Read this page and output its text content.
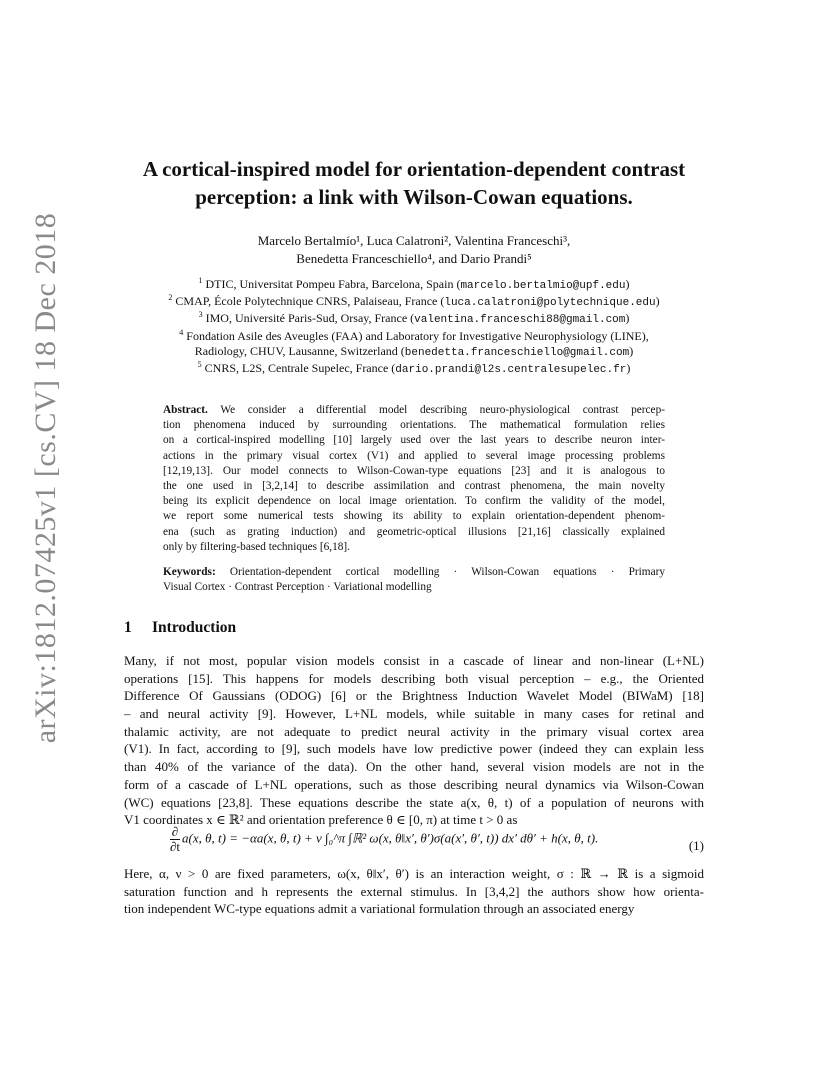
arXiv:1812.07425v1 [cs.CV] 18 Dec 2018
A cortical-inspired model for orientation-dependent contrast
perception: a link with Wilson-Cowan equations.
Marcelo Bertalmío¹, Luca Calatroni², Valentina Franceschi³,
Benedetta Franceschiello⁴, and Dario Prandi⁵
$^1$ DTIC, Universitat Pompeu Fabra, Barcelona, Spain (marcelo.bertalmio@upf.edu)
$^2$ CMAP, École Polytechnique CNRS, Palaiseau, France (luca.calatroni@polytechnique.edu)
$^3$ IMO, Université Paris-Sud, Orsay, France (valentina.franceschi88@gmail.com)
$^4$ Fondation Asile des Aveugles (FAA) and Laboratory for Investigative Neurophysiology (LINE),
Radiology, CHUV, Lausanne, Switzerland (benedetta.franceschiello@gmail.com)
$^5$ CNRS, L2S, Centrale Supelec, France (dario.prandi@l2s.centralesupelec.fr)
Abstract. We consider a differential model describing neuro-physiological contrast percep-
tion phenomena induced by surrounding orientations. The mathematical formulation relies
on a cortical-inspired modelling [10] largely used over the last years to describe neuron inter-
actions in the primary visual cortex (V1) and applied to several image processing problems
[12,19,13]. Our model connects to Wilson-Cowan-type equations [23] and it is analogous to
the one used in [3,2,14] to describe assimilation and contrast phenomena, the main novelty
being its explicit dependence on local image orientation. To confirm the validity of the model,
we report some numerical tests showing its ability to explain orientation-dependent phenom-
ena (such as grating induction) and geometric-optical illusions [21,16] classically explained
only by filtering-based techniques [6,18].
Keywords: Orientation-dependent cortical modelling · Wilson-Cowan equations · Primary
Visual Cortex · Contrast Perception · Variational modelling
1 Introduction
Many, if not most, popular vision models consist in a cascade of linear and non-linear (L+NL)
operations [15]. This happens for models describing both visual perception – e.g., the Oriented
Difference Of Gaussians (ODOG) [6] or the Brightness Induction Wavelet Model (BIWaM) [18]
– and neural activity [9]. However, L+NL models, while suitable in many cases for retinal and
thalamic activity, are not adequate to predict neural activity in the primary visual cortex area
(V1). In fact, according to [9], such models have low predictive power (indeed they can explain less
than 40% of the variance of the data). On the other hand, several vision models are not in the
form of a cascade of L+NL operations, such as those describing neural dynamics via Wilson-Cowan
(WC) equations [23,8]. These equations describe the state a(x, θ, t) of a population of neurons with
V1 coordinates x ∈ ℝ² and orientation preference θ ∈ [0, π) at time t > 0 as
$\frac{\partial}{\partial t} a(x$, θ, t) = −αa(x, θ, t) + ν ∫₀^π ∫ℝ² ω(x, θ‖x′, θ′)σ(a(x′, θ′, t)) dx′ dθ′ + h(x, θ, t).
(1)
Here, α, ν > 0 are fixed parameters, ω(x, θ‖x′, θ′) is an interaction weight, σ : ℝ → ℝ is a sigmoid
saturation function and h represents the external stimulus. In [3,4,2] the authors show how orienta-
tion independent WC-type equations admit a variational formulation through an associated energy
